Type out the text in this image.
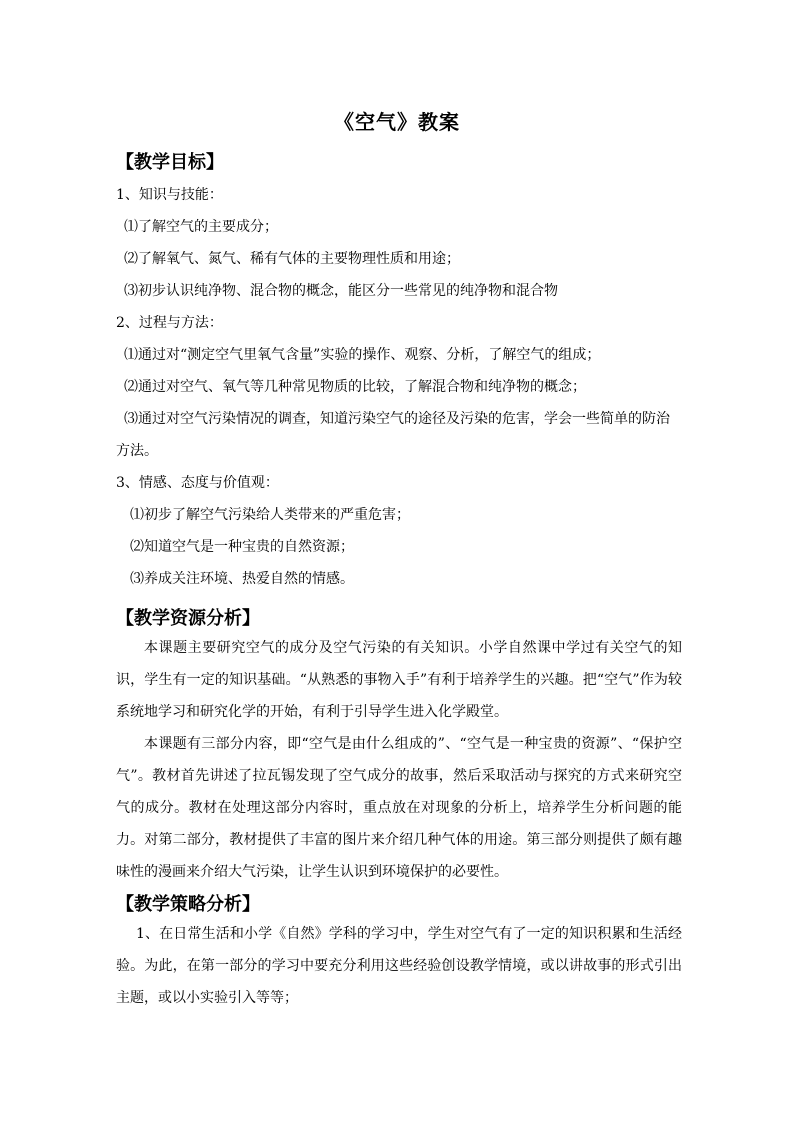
《空气》教案
【教学目标】
1、知识与技能：
⑴了解空气的主要成分；
⑵了解氧气、氮气、稀有气体的主要物理性质和用途；
⑶初步认识纯净物、混合物的概念，能区分一些常见的纯净物和混合物
2、过程与方法：
⑴通过对“测定空气里氧气含量”实验的操作、观察、分析，了解空气的组成；
⑵通过对空气、氧气等几种常见物质的比较，了解混合物和纯净物的概念；
⑶通过对空气污染情况的调查，知道污染空气的途径及污染的危害，学会一些简单的防治
方法。
3、情感、态度与价值观：
⑴初步了解空气污染给人类带来的严重危害；
⑵知道空气是一种宝贵的自然资源；
⑶养成关注环境、热爱自然的情感。
【教学资源分析】
本课题主要研究空气的成分及空气污染的有关知识。小学自然课中学过有关空气的知识，学生有一定的知识基础。“从熟悉的事物入手”有利于培养学生的兴趣。把“空气”作为较系统地学习和研究化学的开始，有利于引导学生进入化学殿堂。
本课题有三部分内容，即“空气是由什么组成的”、“空气是一种宝贵的资源”、“保护空气”。教材首先讲述了拉瓦锡发现了空气成分的故事，然后采取活动与探究的方式来研究空气的成分。教材在处理这部分内容时，重点放在对现象的分析上，培养学生分析问题的能力。对第二部分，教材提供了丰富的图片来介绍几种气体的用途。第三部分则提供了颇有趣味性的漫画来介绍大气污染，让学生认识到环境保护的必要性。
【教学策略分析】
1、在日常生活和小学《自然》学科的学习中，学生对空气有了一定的知识积累和生活经验。为此，在第一部分的学习中要充分利用这些经验创设教学情境，或以讲故事的形式引出主题，或以小实验引入等等；
